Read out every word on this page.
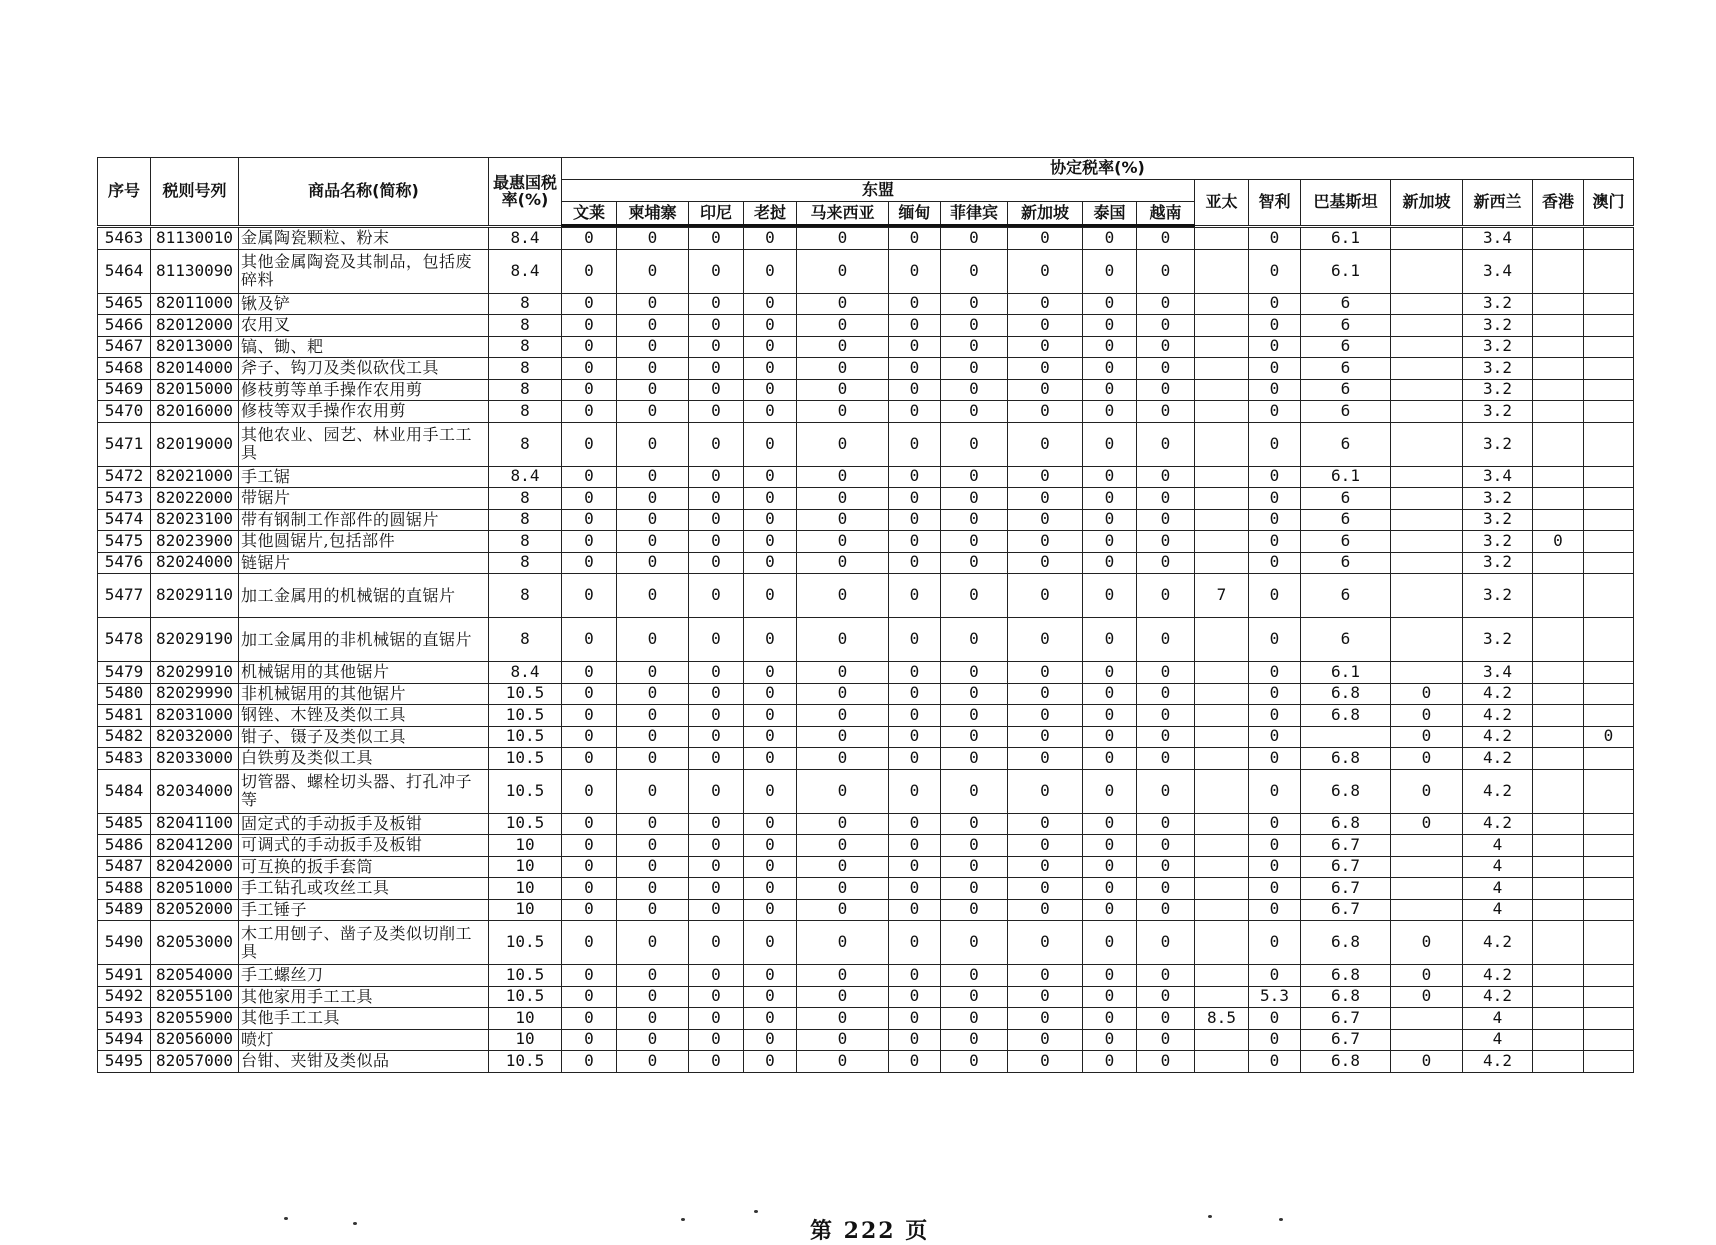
序号	税则号列	商品名称(简称)	最惠国税率(%)	协定税率(%)																
				东盟										亚太	智利	巴基斯坦	新加坡	新西兰	香港	澳门
				文莱	柬埔寨	印尼	老挝	马来西亚	缅甸	菲律宾	新加坡	泰国	越南							

5463	81130010	金属陶瓷颗粒、粉末	8.4	0	0	0	0	0	0	0	0	0	0		0	6.1		3.4		
5464	81130090	其他金属陶瓷及其制品，包括废碎料	8.4	0	0	0	0	0	0	0	0	0	0		0	6.1		3.4		
5465	82011000	锹及铲	8	0	0	0	0	0	0	0	0	0	0		0	6		3.2		
5466	82012000	农用叉	8	0	0	0	0	0	0	0	0	0	0		0	6		3.2		
5467	82013000	镐、锄、耙	8	0	0	0	0	0	0	0	0	0	0		0	6		3.2		
5468	82014000	斧子、钩刀及类似砍伐工具	8	0	0	0	0	0	0	0	0	0	0		0	6		3.2		
5469	82015000	修枝剪等单手操作农用剪	8	0	0	0	0	0	0	0	0	0	0		0	6		3.2		
5470	82016000	修枝等双手操作农用剪	8	0	0	0	0	0	0	0	0	0	0		0	6		3.2		
5471	82019000	其他农业、园艺、林业用手工工具	8	0	0	0	0	0	0	0	0	0	0		0	6		3.2		
5472	82021000	手工锯	8.4	0	0	0	0	0	0	0	0	0	0		0	6.1		3.4		
5473	82022000	带锯片	8	0	0	0	0	0	0	0	0	0	0		0	6		3.2		
5474	82023100	带有钢制工作部件的圆锯片	8	0	0	0	0	0	0	0	0	0	0		0	6		3.2		
5475	82023900	其他圆锯片,包括部件	8	0	0	0	0	0	0	0	0	0	0		0	6		3.2	0	
5476	82024000	链锯片	8	0	0	0	0	0	0	0	0	0	0		0	6		3.2		
5477	82029110	加工金属用的机械锯的直锯片	8	0	0	0	0	0	0	0	0	0	0	7	0	6		3.2		
5478	82029190	加工金属用的非机械锯的直锯片	8	0	0	0	0	0	0	0	0	0	0		0	6		3.2		
5479	82029910	机械锯用的其他锯片	8.4	0	0	0	0	0	0	0	0	0	0		0	6.1		3.4		
5480	82029990	非机械锯用的其他锯片	10.5	0	0	0	0	0	0	0	0	0	0		0	6.8	0	4.2		
5481	82031000	钢锉、木锉及类似工具	10.5	0	0	0	0	0	0	0	0	0	0		0	6.8	0	4.2		
5482	82032000	钳子、镊子及类似工具	10.5	0	0	0	0	0	0	0	0	0	0		0		0	4.2		0
5483	82033000	白铁剪及类似工具	10.5	0	0	0	0	0	0	0	0	0	0		0	6.8	0	4.2		
5484	82034000	切管器、螺栓切头器、打孔冲子等	10.5	0	0	0	0	0	0	0	0	0	0		0	6.8	0	4.2		
5485	82041100	固定式的手动扳手及板钳	10.5	0	0	0	0	0	0	0	0	0	0		0	6.8	0	4.2		
5486	82041200	可调式的手动扳手及板钳	10	0	0	0	0	0	0	0	0	0	0		0	6.7		4		
5487	82042000	可互换的扳手套筒	10	0	0	0	0	0	0	0	0	0	0		0	6.7		4		
5488	82051000	手工钻孔或攻丝工具	10	0	0	0	0	0	0	0	0	0	0		0	6.7		4		
5489	82052000	手工锤子	10	0	0	0	0	0	0	0	0	0	0		0	6.7		4		
5490	82053000	木工用刨子、凿子及类似切削工具	10.5	0	0	0	0	0	0	0	0	0	0		0	6.8	0	4.2		
5491	82054000	手工螺丝刀	10.5	0	0	0	0	0	0	0	0	0	0		0	6.8	0	4.2		
5492	82055100	其他家用手工工具	10.5	0	0	0	0	0	0	0	0	0	0		5.3	6.8	0	4.2		
5493	82055900	其他手工工具	10	0	0	0	0	0	0	0	0	0	0	8.5	0	6.7		4		
5494	82056000	喷灯	10	0	0	0	0	0	0	0	0	0	0		0	6.7		4		
5495	82057000	台钳、夹钳及类似品	10.5	0	0	0	0	0	0	0	0	0	0		0	6.8	0	4.2		
第 222 页
